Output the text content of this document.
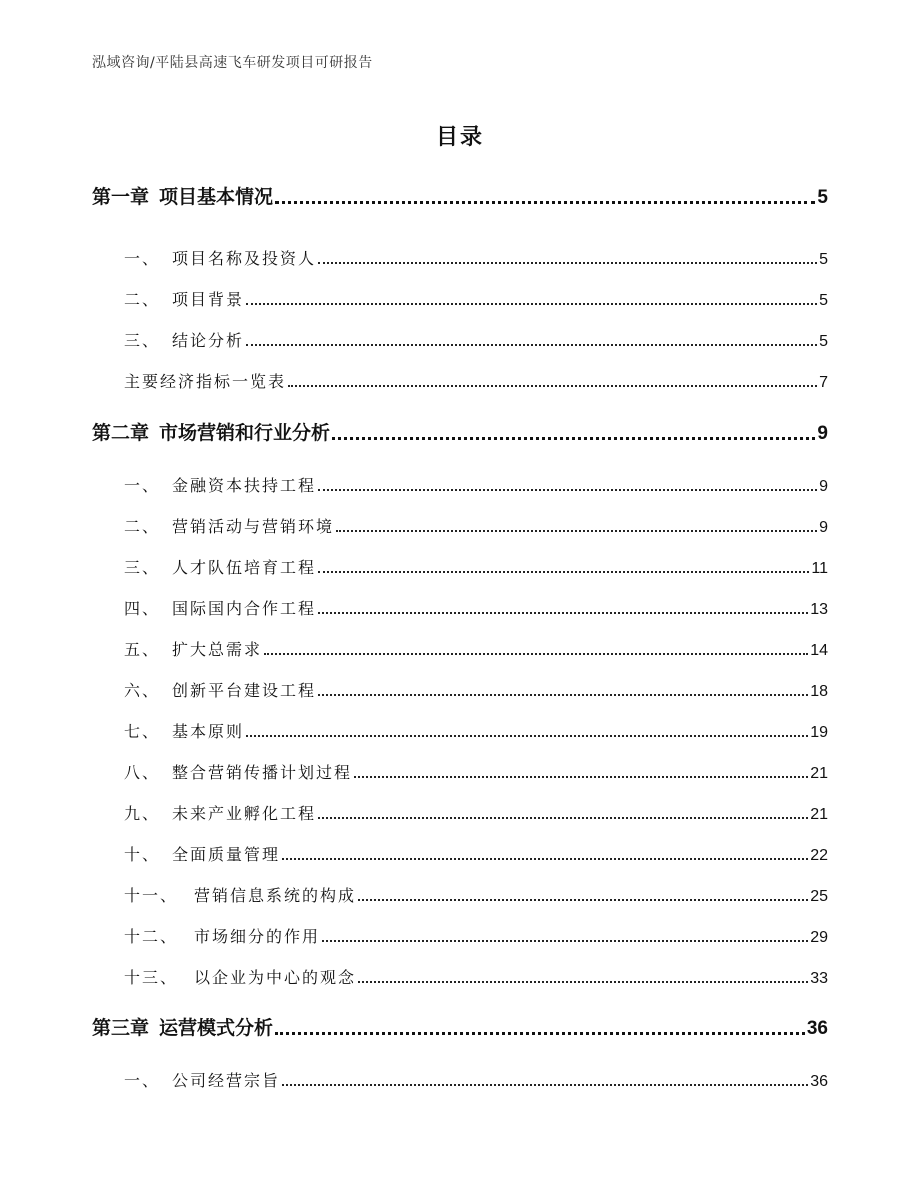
泓域咨询/平陆县高速飞车研发项目可研报告
目录
第一章 项目基本情况	5
一、 项目名称及投资人	5
二、 项目背景	5
三、 结论分析	5
主要经济指标一览表	7
第二章 市场营销和行业分析	9
一、 金融资本扶持工程	9
二、 营销活动与营销环境	9
三、 人才队伍培育工程	11
四、 国际国内合作工程	13
五、 扩大总需求	14
六、 创新平台建设工程	18
七、 基本原则	19
八、 整合营销传播计划过程	21
九、 未来产业孵化工程	21
十、 全面质量管理	22
十一、 营销信息系统的构成	25
十二、 市场细分的作用	29
十三、 以企业为中心的观念	33
第三章 运营模式分析	36
一、 公司经营宗旨	36
